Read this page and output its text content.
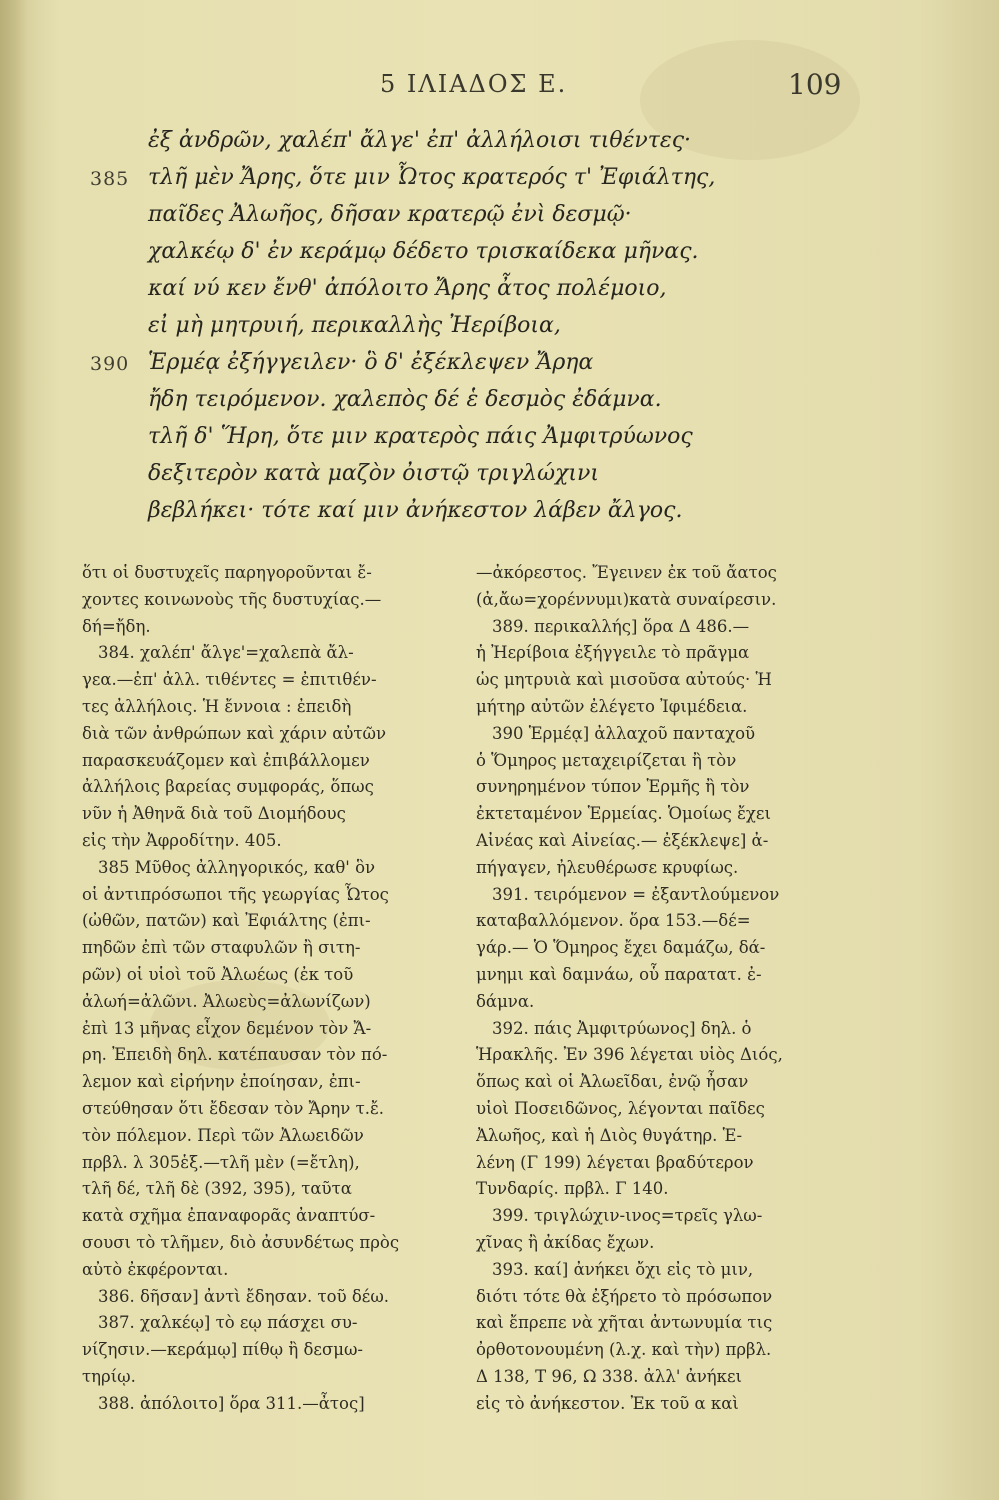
5 ΙΛΙΑΔΟΣ Ε.	109
ἐξ ἀνδρῶν, χαλέπ' ἄλγε' ἐπ' ἀλλήλοισι τιθέντες·
385 τλῆ μὲν Ἄρης, ὅτε μιν Ὦτος κρατερός τ' Ἐφιάλτης,
παῖδες Ἀλωῆος, δῆσαν κρατερῷ ἐνὶ δεσμῷ·
χαλκέῳ δ' ἐν κεράμῳ δέδετο τρισκαίδεκα μῆνας.
καί νύ κεν ἔνθ' ἀπόλοιτο Ἄρης ἆτος πολέμοιο,
εἰ μὴ μητρυιή, περικαλλὴς Ἠερίβοια,
390 Ἑρμέᾳ ἐξήγγειλεν· ὃ δ' ἐξέκλεψεν Ἄρηα
ἤδη τειρόμενον. χαλεπὸς δέ ἑ δεσμὸς ἐδάμνα.
τλῆ δ' Ἥρη, ὅτε μιν κρατερὸς πάις Ἀμφιτρύωνος
δεξιτερὸν κατὰ μαζὸν ὀιστῷ τριγλώχινι
βεβλήκει· τότε καί μιν ἀνήκεστον λάβεν ἄλγος.
ὅτι οἱ δυστυχεῖς παρηγοροῦνται ἔ-
χοντες κοινωνοὺς τῆς δυστυχίας.—
δή=ἤδη.
384. χαλέπ' ἄλγε'=χαλεπὰ ἄλ-
γεα.—ἐπ' ἀλλ. τιθέντες = ἐπιτιθέν-
τες ἀλλήλοις. Ἡ ἔννοια : ἐπειδὴ
διὰ τῶν ἀνθρώπων καὶ χάριν αὐτῶν
παρασκευάζομεν καὶ ἐπιβάλλομεν
ἀλλήλοις βαρείας συμφοράς, ὅπως
νῦν ἡ Ἀθηνᾶ διὰ τοῦ Διομήδους
εἰς τὴν Ἀφροδίτην. 405.
385 Μῦθος ἀλληγορικός, καθ' ὃν
οἱ ἀντιπρόσωποι τῆς γεωργίας Ὦτος
(ὠθῶν, πατῶν) καὶ Ἐφιάλτης (ἐπι-
πηδῶν ἐπὶ τῶν σταφυλῶν ἢ σιτη-
ρῶν) οἱ υἱοὶ τοῦ Ἀλωέως (ἐκ τοῦ
ἀλωή=ἀλῶνι. Ἀλωεὺς=ἀλωνίζων)
ἐπὶ 13 μῆνας εἶχον δεμένον τὸν Ἄ-
ρη. Ἐπειδὴ δηλ. κατέπαυσαν τὸν πό-
λεμον καὶ εἰρήνην ἐποίησαν, ἐπι-
στεύθησαν ὅτι ἔδεσαν τὸν Ἄρην τ.ἔ.
τὸν πόλεμον. Περὶ τῶν Ἀλωειδῶν
πρβλ. λ 305ἑξ.—τλῆ μὲν (=ἔτλη),
τλῆ δέ, τλῆ δὲ (392, 395), ταῦτα
κατὰ σχῆμα ἐπαναφορᾶς ἀναπτύσ-
σουσι τὸ τλῆμεν, διὸ ἀσυνδέτως πρὸς
αὐτὸ ἐκφέρονται.
386. δῆσαν] ἀντὶ ἔδησαν. τοῦ δέω.
387. χαλκέῳ] τὸ εῳ πάσχει συ-
νίζησιν.—κεράμῳ] πίθῳ ἢ δεσμω-
τηρίῳ.
388. ἀπόλοιτο] ὅρα 311.—ἆτος]
—ἀκόρεστος. Ἔγεινεν ἐκ τοῦ ἄατος
(ἀ,ἄω=χορέννυμι)κατὰ συναίρεσιν.
389. περικαλλής] ὅρα Δ 486.—
ἡ Ἠερίβοια ἐξήγγειλε τὸ πρᾶγμα
ὡς μητρυιὰ καὶ μισοῦσα αὐτούς· Ἡ
μήτηρ αὐτῶν ἐλέγετο Ἰφιμέδεια.
390 Ἑρμέᾳ] ἀλλαχοῦ πανταχοῦ
ὁ Ὅμηρος μεταχειρίζεται ἢ τὸν
συνηρημένον τύπον Ἑρμῆς ἢ τὸν
ἐκτεταμένον Ἑρμείας. Ὁμοίως ἔχει
Αἰνέας καὶ Αἰνείας.— ἐξέκλεψε] ἀ-
πήγαγεν, ἠλευθέρωσε κρυφίως.
391. τειρόμενον = ἐξαντλούμενον
καταβαλλόμενον. ὅρα 153.—δέ=
γάρ.— Ὁ Ὅμηρος ἔχει δαμάζω, δά-
μνημι καὶ δαμνάω, οὗ παρατατ. ἐ-
δάμνα.
392. πάις Ἀμφιτρύωνος] δηλ. ὁ
Ἡρακλῆς. Ἐν 396 λέγεται υἱὸς Διός,
ὅπως καὶ οἱ Ἀλωεῖδαι, ἐνῷ ἦσαν
υἱοὶ Ποσειδῶνος, λέγονται παῖδες
Ἀλωῆος, καὶ ἡ Διὸς θυγάτηρ. Ἑ-
λένη (Γ 199) λέγεται βραδύτερον
Τυνδαρίς. πρβλ. Γ 140.
399. τριγλώχιν-ινος=τρεῖς γλω-
χῖνας ἢ ἀκίδας ἔχων.
393. καί] ἀνήκει ὄχι εἰς τὸ μιν,
διότι τότε θὰ ἐξήρετο τὸ πρόσωπον
καὶ ἔπρεπε νὰ χῆται ἀντωνυμία τις
ὀρθοτονουμένη (λ.χ. καὶ τὴν) πρβλ.
Δ 138, Τ 96, Ω 338. ἀλλ' ἀνήκει
εἰς τὸ ἀνήκεστον. Ἐκ τοῦ α καὶ
